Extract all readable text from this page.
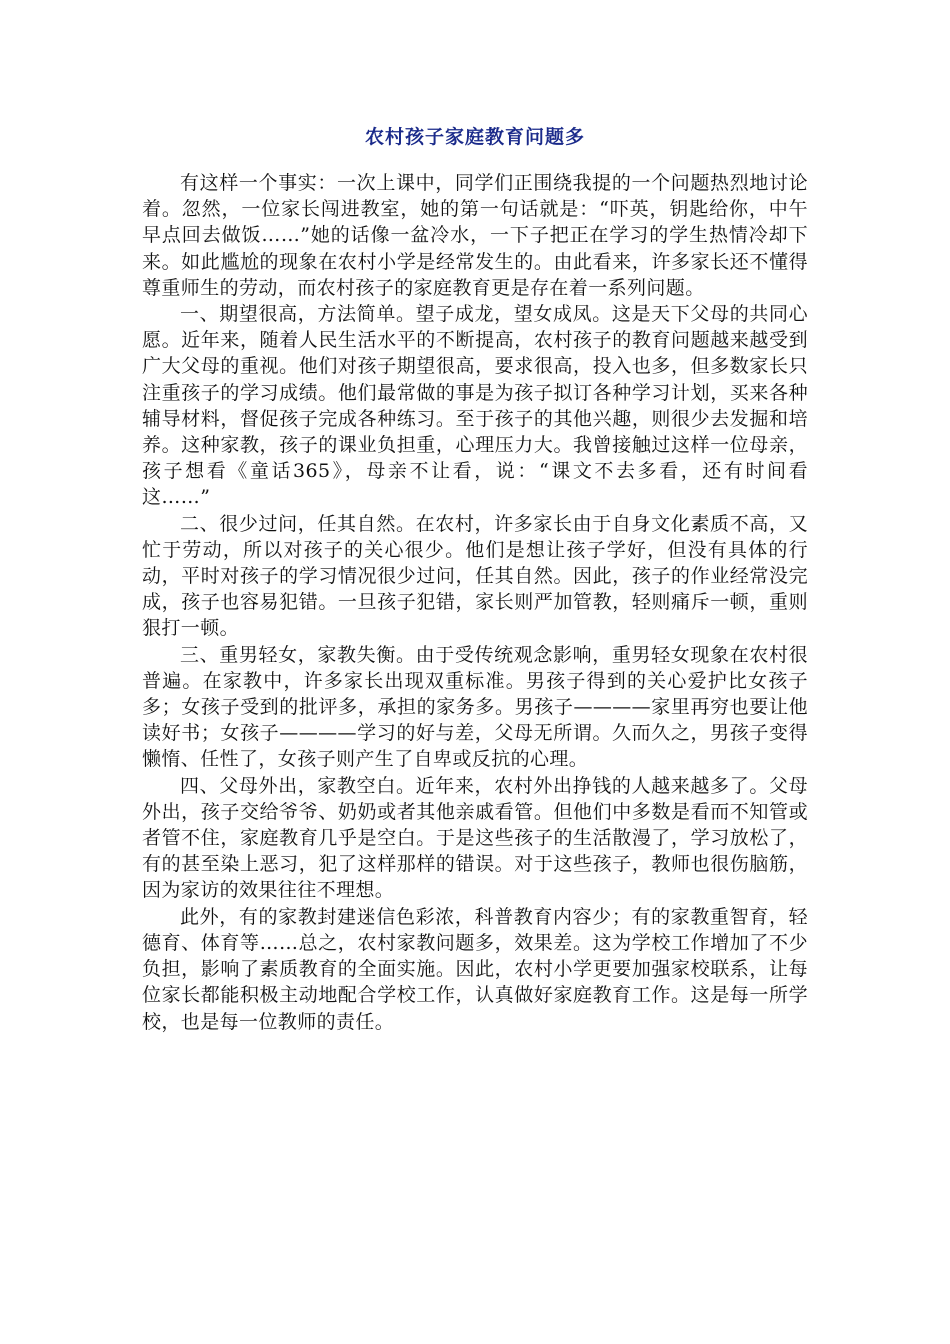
农村孩子家庭教育问题多

有这样一个事实：一次上课中，同学们正围绕我提的一个问题热烈地讨论着。忽然，一位家长闯进教室，她的第一句话就是：“吓英，钥匙给你，中午早点回去做饭……”她的话像一盆冷水，一下子把正在学习的学生热情冷却下来。如此尴尬的现象在农村小学是经常发生的。由此看来，许多家长还不懂得尊重师生的劳动，而农村孩子的家庭教育更是存在着一系列问题。

一、期望很高，方法简单。望子成龙，望女成凤。这是天下父母的共同心愿。近年来，随着人民生活水平的不断提高，农村孩子的教育问题越来越受到广大父母的重视。他们对孩子期望很高，要求很高，投入也多，但多数家长只注重孩子的学习成绩。他们最常做的事是为孩子拟订各种学习计划，买来各种辅导材料，督促孩子完成各种练习。至于孩子的其他兴趣，则很少去发掘和培养。这种家教，孩子的课业负担重，心理压力大。我曾接触过这样一位母亲，孩子想看《童话365》，母亲不让看，说：“课文不去多看，还有时间看这……”

二、很少过问，任其自然。在农村，许多家长由于自身文化素质不高，又忙于劳动，所以对孩子的关心很少。他们是想让孩子学好，但没有具体的行动，平时对孩子的学习情况很少过问，任其自然。因此，孩子的作业经常没完成，孩子也容易犯错。一旦孩子犯错，家长则严加管教，轻则痛斥一顿，重则狠打一顿。

三、重男轻女，家教失衡。由于受传统观念影响，重男轻女现象在农村很普遍。在家教中，许多家长出现双重标准。男孩子得到的关心爱护比女孩子多；女孩子受到的批评多，承担的家务多。男孩子————家里再穷也要让他读好书；女孩子————学习的好与差，父母无所谓。久而久之，男孩子变得懒惰、任性了，女孩子则产生了自卑或反抗的心理。

四、父母外出，家教空白。近年来，农村外出挣钱的人越来越多了。父母外出，孩子交给爷爷、奶奶或者其他亲戚看管。但他们中多数是看而不知管或者管不住，家庭教育几乎是空白。于是这些孩子的生活散漫了，学习放松了，有的甚至染上恶习，犯了这样那样的错误。对于这些孩子，教师也很伤脑筋，因为家访的效果往往不理想。

此外，有的家教封建迷信色彩浓，科普教育内容少；有的家教重智育，轻德育、体育等……总之，农村家教问题多，效果差。这为学校工作增加了不少负担，影响了素质教育的全面实施。因此，农村小学更要加强家校联系，让每位家长都能积极主动地配合学校工作，认真做好家庭教育工作。这是每一所学校，也是每一位教师的责任。
